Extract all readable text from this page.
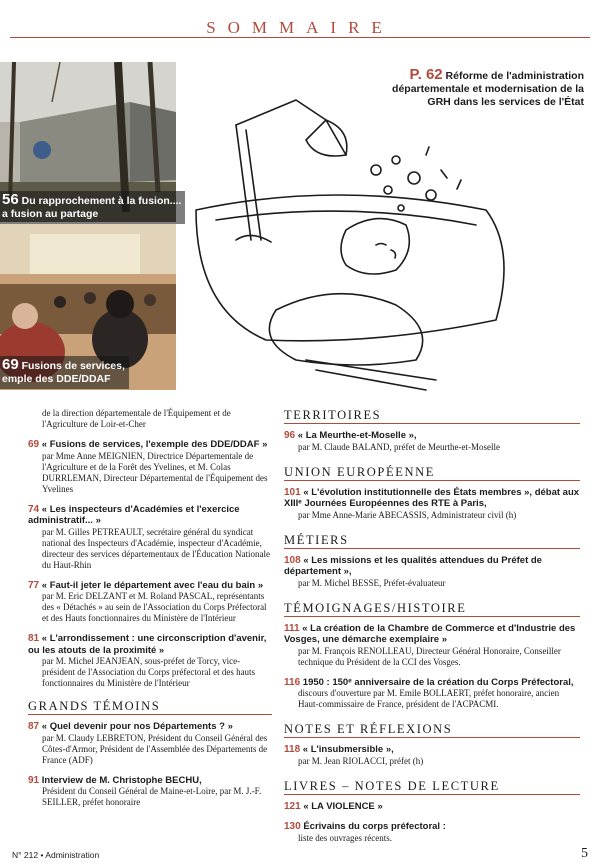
SOMMAIRE
56 Du rapprochement à la fusion....
a fusion au partage
69 Fusions de services,
emple des DDE/DDAF
P. 62 Réforme de l'administration départementale et modernisation de la GRH dans les services de l'État
de la direction départementale de l'Équipement et de l'Agriculture de Loir-et-Cher
69 « Fusions de services, l'exemple des DDE/DDAF »
par Mme Anne MEIGNIEN, Directrice Départementale de l'Agriculture et de la Forêt des Yvelines, et M. Colas DURRLEMAN, Directeur Départemental de l'Équipement des Yvelines
74 « Les inspecteurs d'Académies et l'exercice administratif... »
par M. Gilles PETREAULT, secrétaire général du syndicat national des Inspecteurs d'Académie, inspecteur d'Académie, directeur des services départementaux de l'Éducation Nationale du Haut-Rhin
77 « Faut-il jeter le département avec l'eau du bain »
par M. Eric DELZANT et M. Roland PASCAL, représentants des « Détachés » au sein de l'Association du Corps Préfectoral et des Hauts fonctionnaires du Ministère de l'Intérieur
81 « L'arrondissement : une circonscription d'avenir, ou les atouts de la proximité »
par M. Michel JEANJEAN, sous-préfet de Torcy, vice-président de l'Association du Corps préfectoral et des hauts fonctionnaires du Ministère de l'Intérieur
GRANDS TÉMOINS
87 « Quel devenir pour nos Départements ? »
par M. Claudy LEBRETON, Président du Conseil Général des Côtes-d'Armor, Président de l'Assemblée des Départements de France (ADF)
91 Interview de M. Christophe BECHU,
Président du Conseil Général de Maine-et-Loire, par M. J.-F. SEILLER, préfet honoraire
TERRITOIRES
96 « La Meurthe-et-Moselle »,
par M. Claude BALAND, préfet de Meurthe-et-Moselle
UNION EUROPÉENNE
101 « L'évolution institutionnelle des États membres », débat aux XIIIᵉ Journées Européennes des RTE à Paris,
par Mme Anne-Marie ABECASSIS, Administrateur civil (h)
MÉTIERS
108 « Les missions et les qualités attendues du Préfet de département »,
par M. Michel BESSE, Préfet-évaluateur
TÉMOIGNAGES/HISTOIRE
111 « La création de la Chambre de Commerce et d'Industrie des Vosges, une démarche exemplaire »
par M. François RENOLLEAU, Directeur Général Honoraire, Conseiller technique du Président de la CCI des Vosges.
116 1950 : 150ᵉ anniversaire de la création du Corps Préfectoral,
discours d'ouverture par M. Emile BOLLAERT, préfet honoraire, ancien Haut-commissaire de France, président de l'ACPACMI.
NOTES ET RÉFLEXIONS
118 « L'insubmersible »,
par M. Jean RIOLACCI, préfet (h)
LIVRES – NOTES DE LECTURE
121 « LA VIOLENCE »
130 Écrivains du corps préfectoral :
liste des ouvrages récents.
N° 212 • Administration	5
